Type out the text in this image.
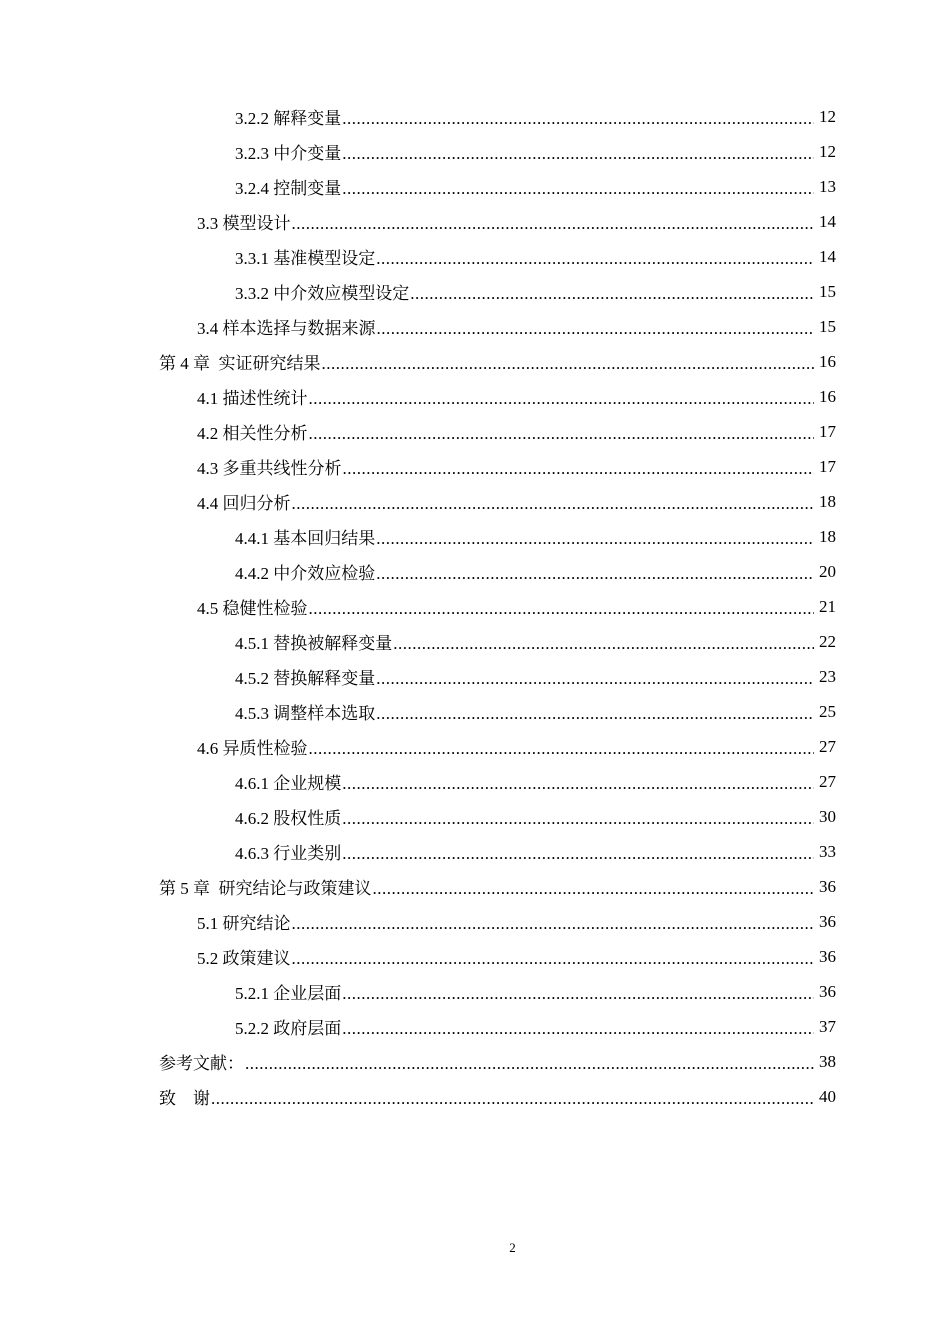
3.2.2 解释变量 .....	12
3.2.3 中介变量 .....	12
3.2.4 控制变量 .....	13
3.3 模型设计 .....	14
3.3.1 基准模型设定 .....	14
3.3.2 中介效应模型设定 .....	15
3.4 样本选择与数据来源 .....	15
第 4 章  实证研究结果 .....	16
4.1 描述性统计 .....	16
4.2 相关性分析 .....	17
4.3 多重共线性分析 .....	17
4.4 回归分析 .....	18
4.4.1 基本回归结果 .....	18
4.4.2 中介效应检验 .....	20
4.5 稳健性检验 .....	21
4.5.1 替换被解释变量 .....	22
4.5.2 替换解释变量 .....	23
4.5.3 调整样本选取 .....	25
4.6 异质性检验 .....	27
4.6.1 企业规模 .....	27
4.6.2 股权性质 .....	30
4.6.3 行业类别 .....	33
第 5 章  研究结论与政策建议 .....	36
5.1 研究结论 .....	36
5.2 政策建议 .....	36
5.2.1 企业层面 .....	36
5.2.2 政府层面 .....	37
参考文献： .....	38
致    谢 .....	40
2
